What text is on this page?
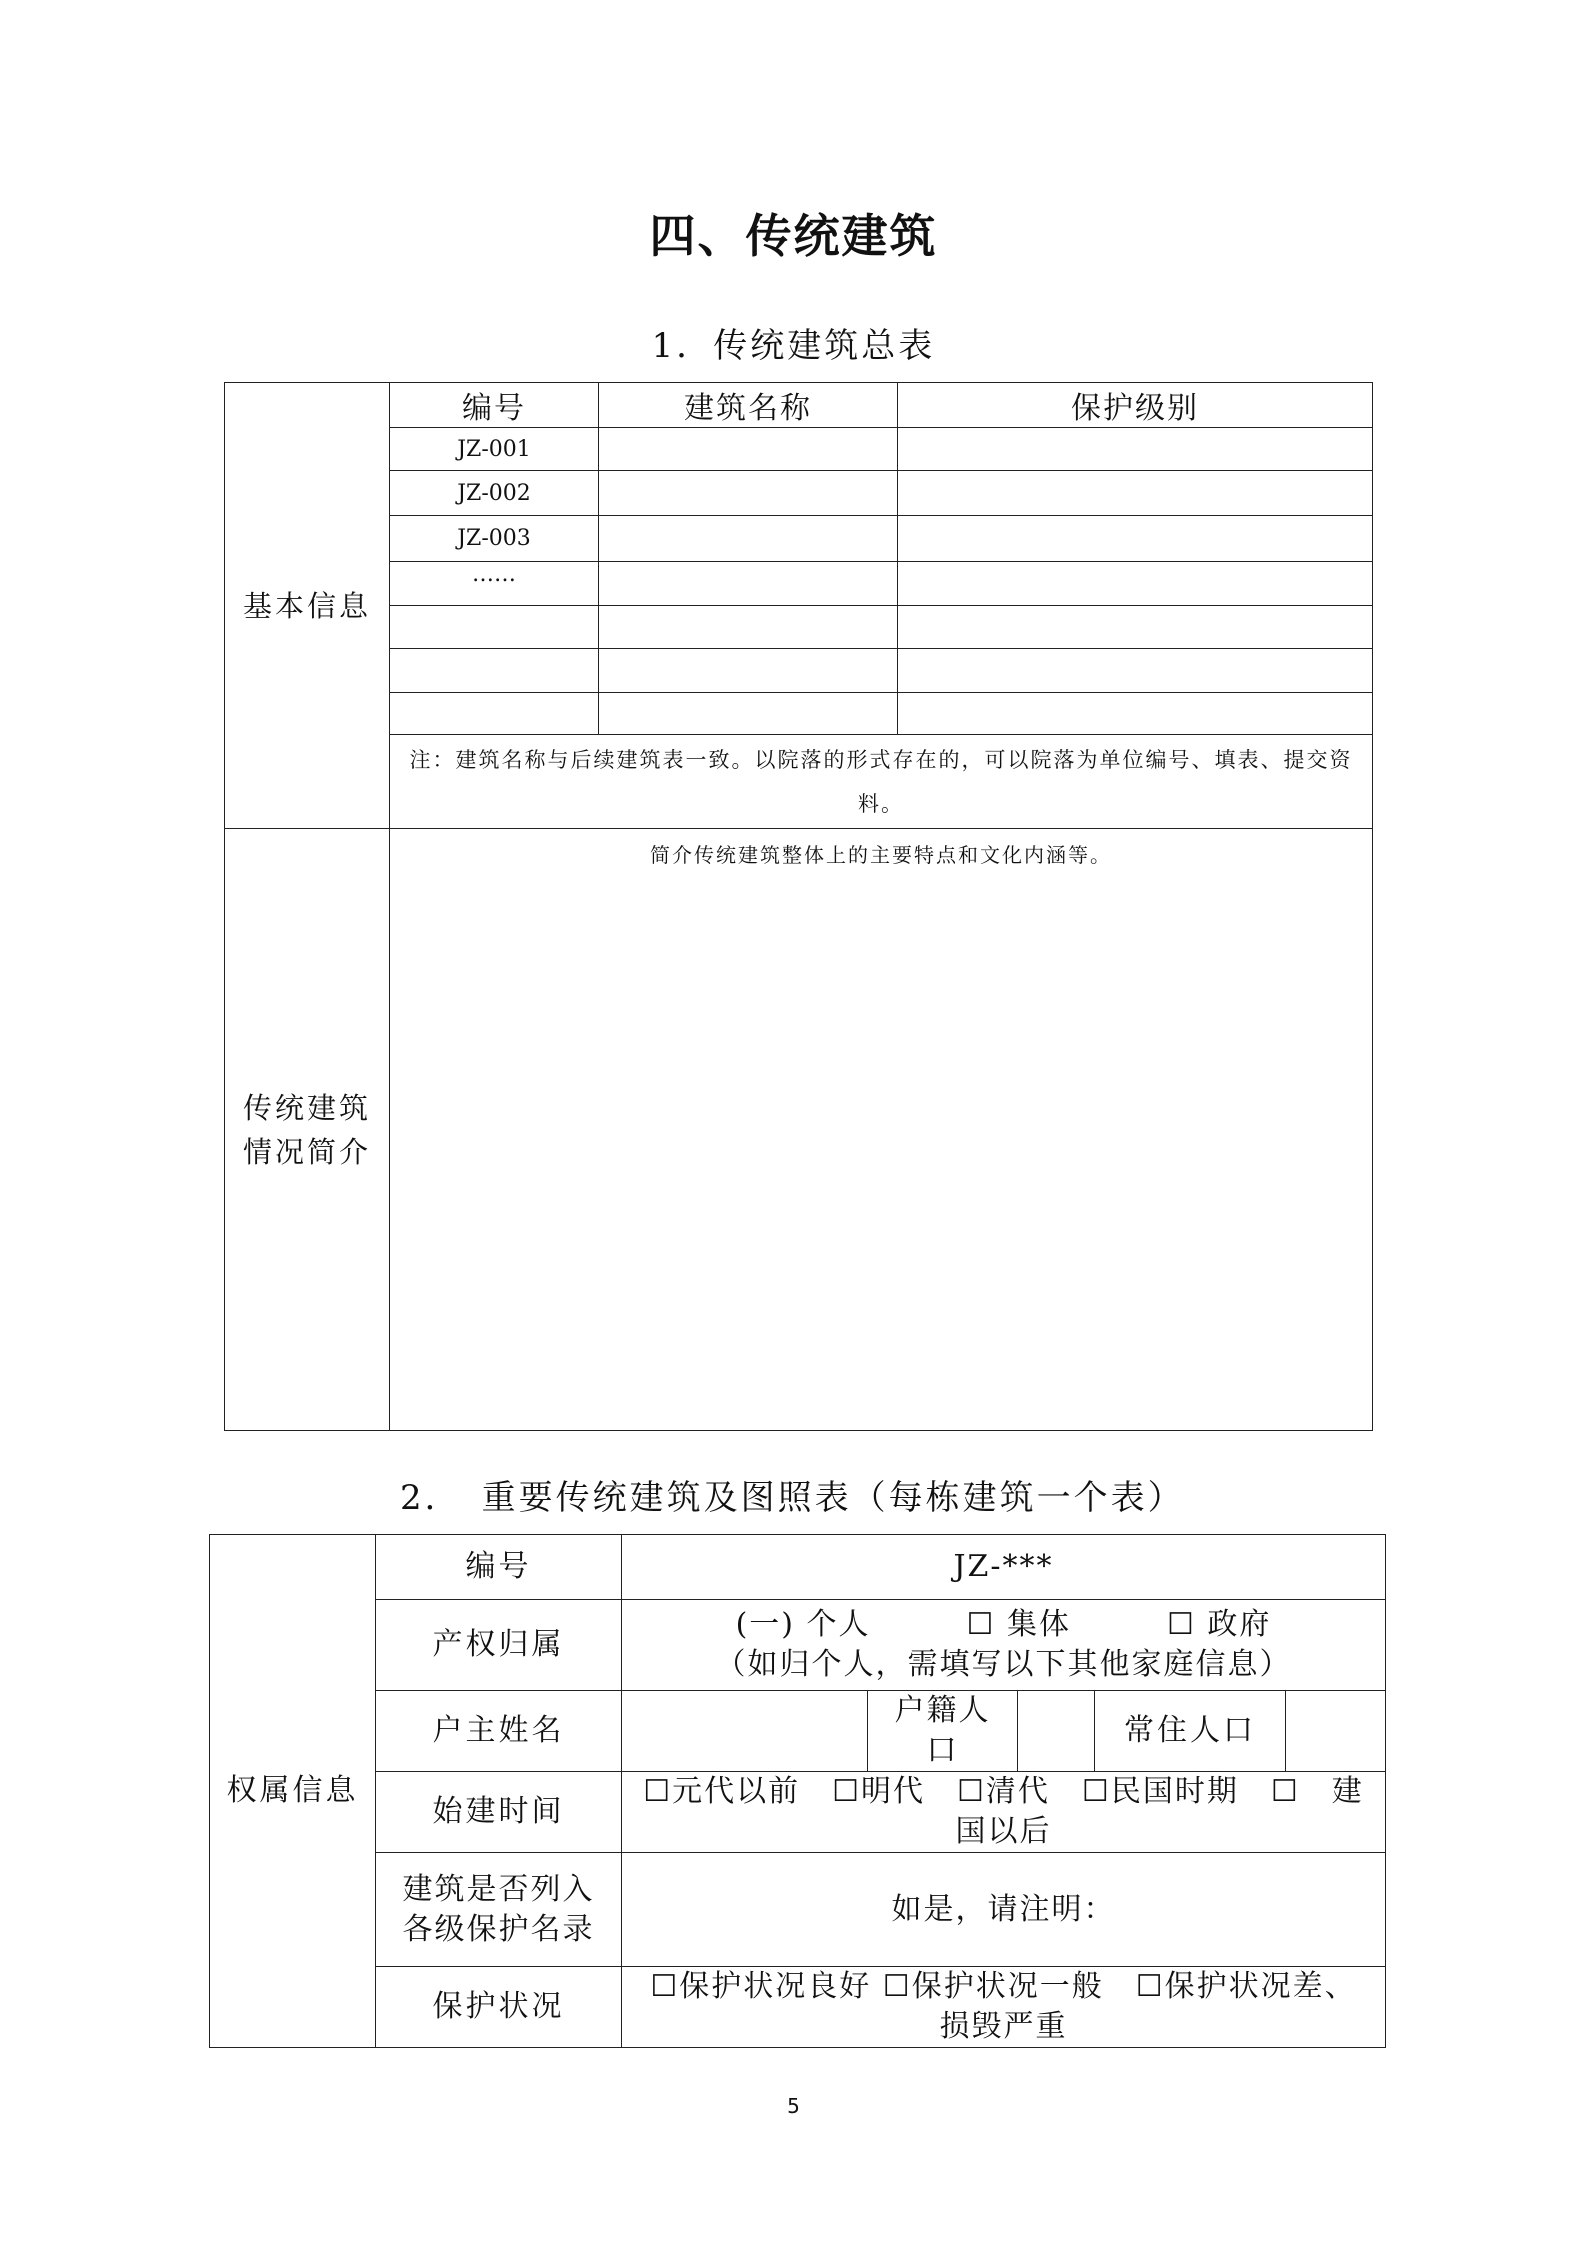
四、传统建筑
1．传统建筑总表
基本信息	编号	建筑名称	保护级别
	JZ-001		
	JZ-002		
	JZ-003		
	……		

	注：建筑名称与后续建筑表一致。以院落的形式存在的，可以院落为单位编号、填表、提交资料。		
传统建筑
情况简介	简介传统建筑整体上的主要特点和文化内涵等。		
2．　重要传统建筑及图照表（每栋建筑一个表）
权属信息	编号	JZ-***				
	产权归属	(一) 个人　　　☐ 集体　　　☐ 政府
（如归个人，需填写以下其他家庭信息）				
	户主姓名		户籍人口		常住人口	
	始建时间	☐元代以前　☐明代　☐清代　☐民国时期　☐　建国以后				
	建筑是否列入
各级保护名录	如是，请注明：				
	保护状况	☐保护状况良好 ☐保护状况一般　☐保护状况差、损毁严重				
5
